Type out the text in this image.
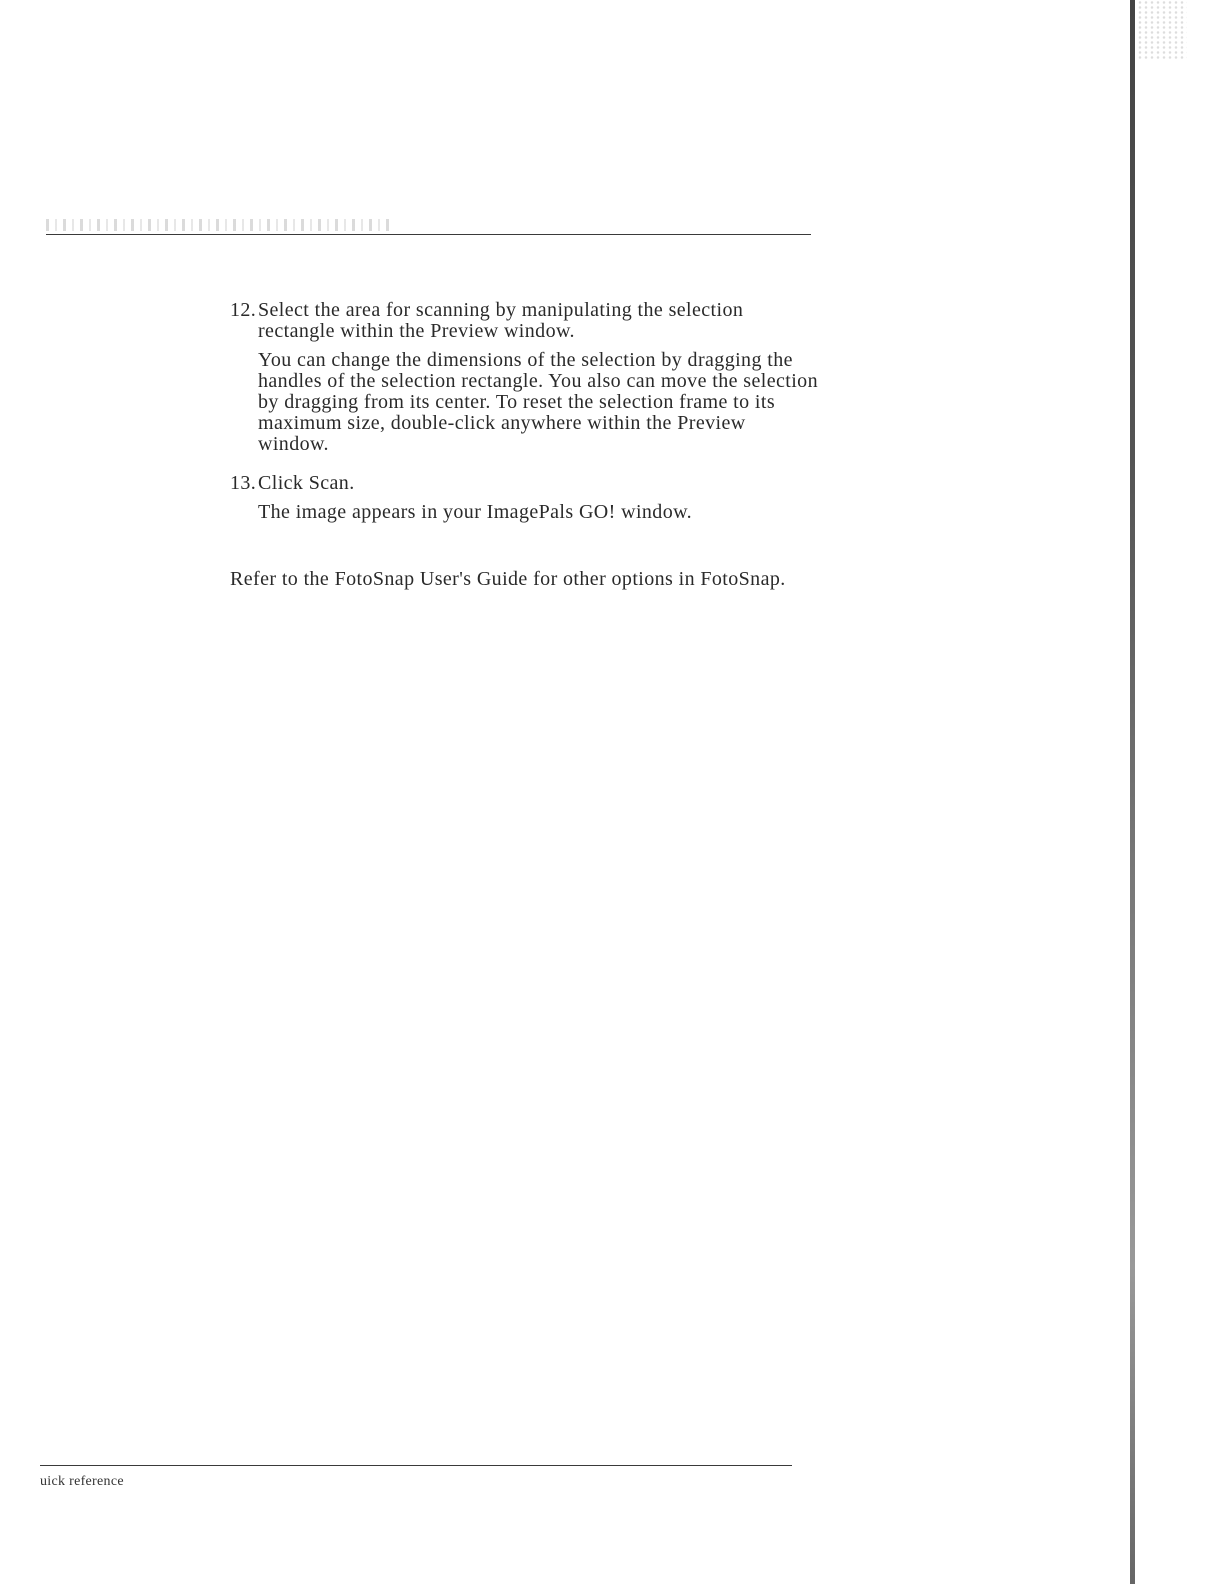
12. Select the area for scanning by manipulating the selection rectangle within the Preview window.
You can change the dimensions of the selection by dragging the handles of the selection rectangle. You also can move the selection by dragging from its center. To reset the selection frame to its maximum size, double-click anywhere within the Preview window.
13. Click Scan.
The image appears in your ImagePals GO! window.
Refer to the FotoSnap User's Guide for other options in FotoSnap.
uick reference
